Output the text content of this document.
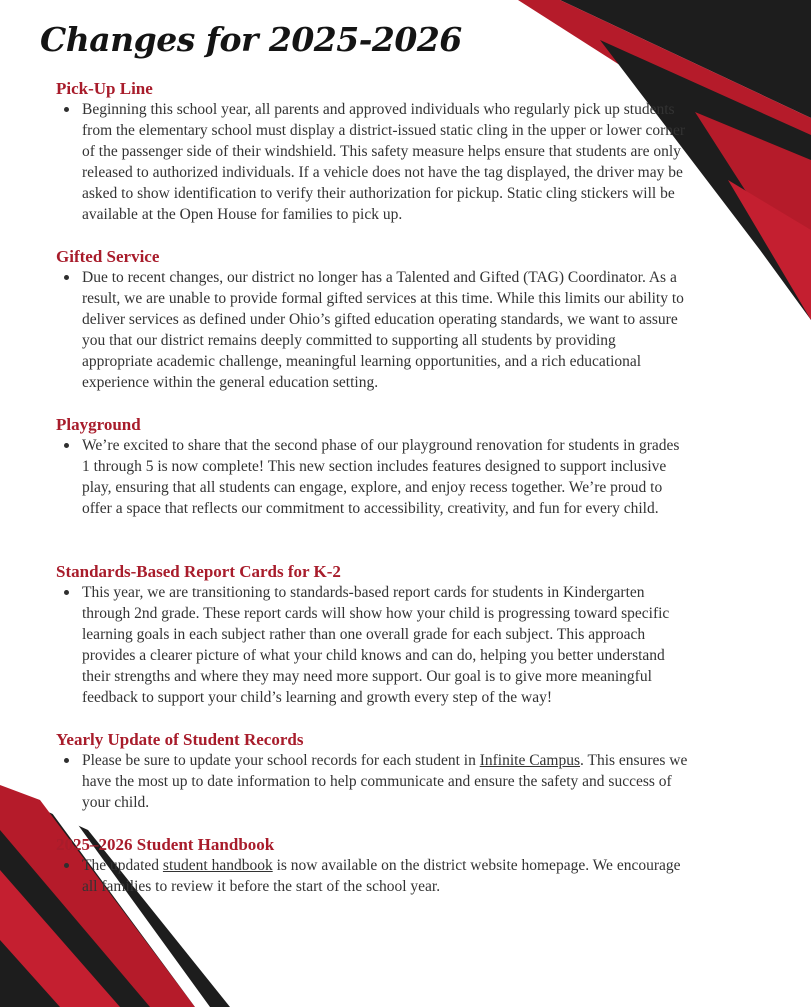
Changes for 2025-2026
Pick-Up Line

Beginning this school year, all parents and approved individuals who regularly pick up students from the elementary school must display a district-issued static cling in the upper or lower corner of the passenger side of their windshield. This safety measure helps ensure that students are only released to authorized individuals. If a vehicle does not have the tag displayed, the driver may be asked to show identification to verify their authorization for pickup. Static cling stickers will be available at the Open House for families to pick up.

Gifted Service

Due to recent changes, our district no longer has a Talented and Gifted (TAG) Coordinator. As a result, we are unable to provide formal gifted services at this time. While this limits our ability to deliver services as defined under Ohio’s gifted education operating standards, we want to assure you that our district remains deeply committed to supporting all students by providing appropriate academic challenge, meaningful learning opportunities, and a rich educational experience within the general education setting.

Playground

We’re excited to share that the second phase of our playground renovation for students in grades 1 through 5 is now complete! This new section includes features designed to support inclusive play, ensuring that all students can engage, explore, and enjoy recess together. We’re proud to offer a space that reflects our commitment to accessibility, creativity, and fun for every child.

Standards-Based Report Cards for K-2

This year, we are transitioning to standards-based report cards for students in Kindergarten through 2nd grade. These report cards will show how your child is progressing toward specific learning goals in each subject rather than one overall grade for each subject. This approach provides a clearer picture of what your child knows and can do, helping you better understand their strengths and where they may need more support. Our goal is to give more meaningful feedback to support your child’s learning and growth every step of the way!

Yearly Update of Student Records

Please be sure to update your school records for each student in Infinite Campus. This ensures we have the most up to date information to help communicate and ensure the safety and success of your child.

2025–2026 Student Handbook

The updated student handbook is now available on the district website homepage. We encourage all families to review it before the start of the school year.
